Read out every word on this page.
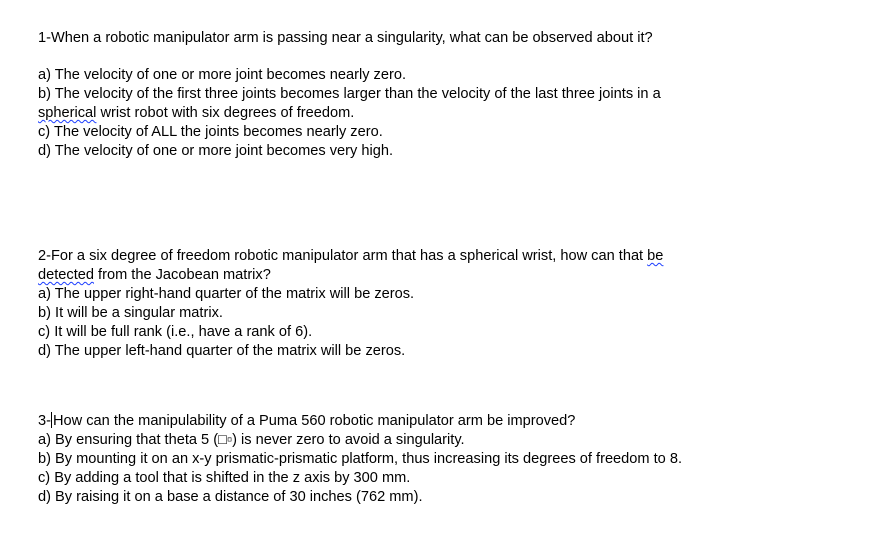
1-When a robotic manipulator arm is passing near a singularity, what can be observed about it?
a) The velocity of one or more joint becomes nearly zero.
b) The velocity of the first three joints becomes larger than the velocity of the last three joints in a
spherical wrist robot with six degrees of freedom.
c) The velocity of ALL the joints becomes nearly zero.
d) The velocity of one or more joint becomes very high.
2-For a six degree of freedom robotic manipulator arm that has a spherical wrist, how can that be
detected from the Jacobean matrix?
a) The upper right-hand quarter of the matrix will be zeros.
b) It will be a singular matrix.
c) It will be full rank (i.e., have a rank of 6).
d) The upper left-hand quarter of the matrix will be zeros.
3- How can the manipulability of a Puma 560 robotic manipulator arm be improved?
a) By ensuring that theta 5 (□▫) is never zero to avoid a singularity.
b) By mounting it on an x-y prismatic-prismatic platform, thus increasing its degrees of freedom to 8.
c) By adding a tool that is shifted in the z axis by 300 mm.
d) By raising it on a base a distance of 30 inches (762 mm).
